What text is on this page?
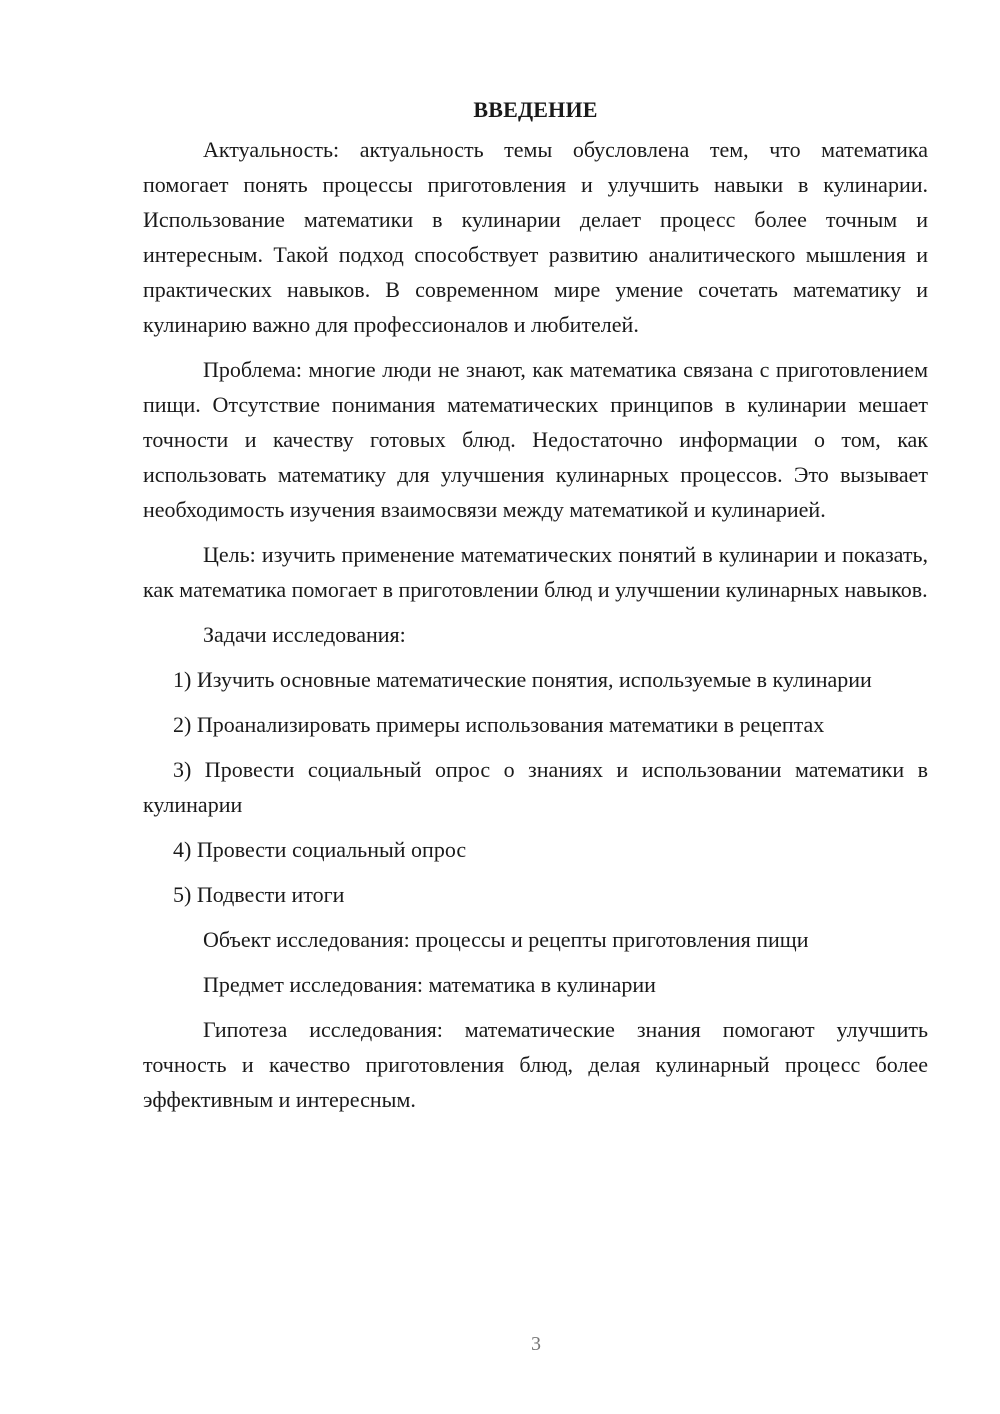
ВВЕДЕНИЕ

Актуальность: актуальность темы обусловлена тем, что математика помогает понять процессы приготовления и улучшить навыки в кулинарии. Использование математики в кулинарии делает процесс более точным и интересным. Такой подход способствует развитию аналитического мышления и практических навыков. В современном мире умение сочетать математику и кулинарию важно для профессионалов и любителей.

Проблема: многие люди не знают, как математика связана с приготовлением пищи. Отсутствие понимания математических принципов в кулинарии мешает точности и качеству готовых блюд. Недостаточно информации о том, как использовать математику для улучшения кулинарных процессов. Это вызывает необходимость изучения взаимосвязи между математикой и кулинарией.

Цель: изучить применение математических понятий в кулинарии и показать, как математика помогает в приготовлении блюд и улучшении кулинарных навыков.

Задачи исследования:

1) Изучить основные математические понятия, используемые в кулинарии

2) Проанализировать примеры использования математики в рецептах

3) Провести социальный опрос о знаниях и использовании математики в кулинарии

4) Провести социальный опрос

5) Подвести итоги

Объект исследования: процессы и рецепты приготовления пищи

Предмет исследования: математика в кулинарии

Гипотеза исследования: математические знания помогают улучшить точность и качество приготовления блюд, делая кулинарный процесс более эффективным и интересным.

3
